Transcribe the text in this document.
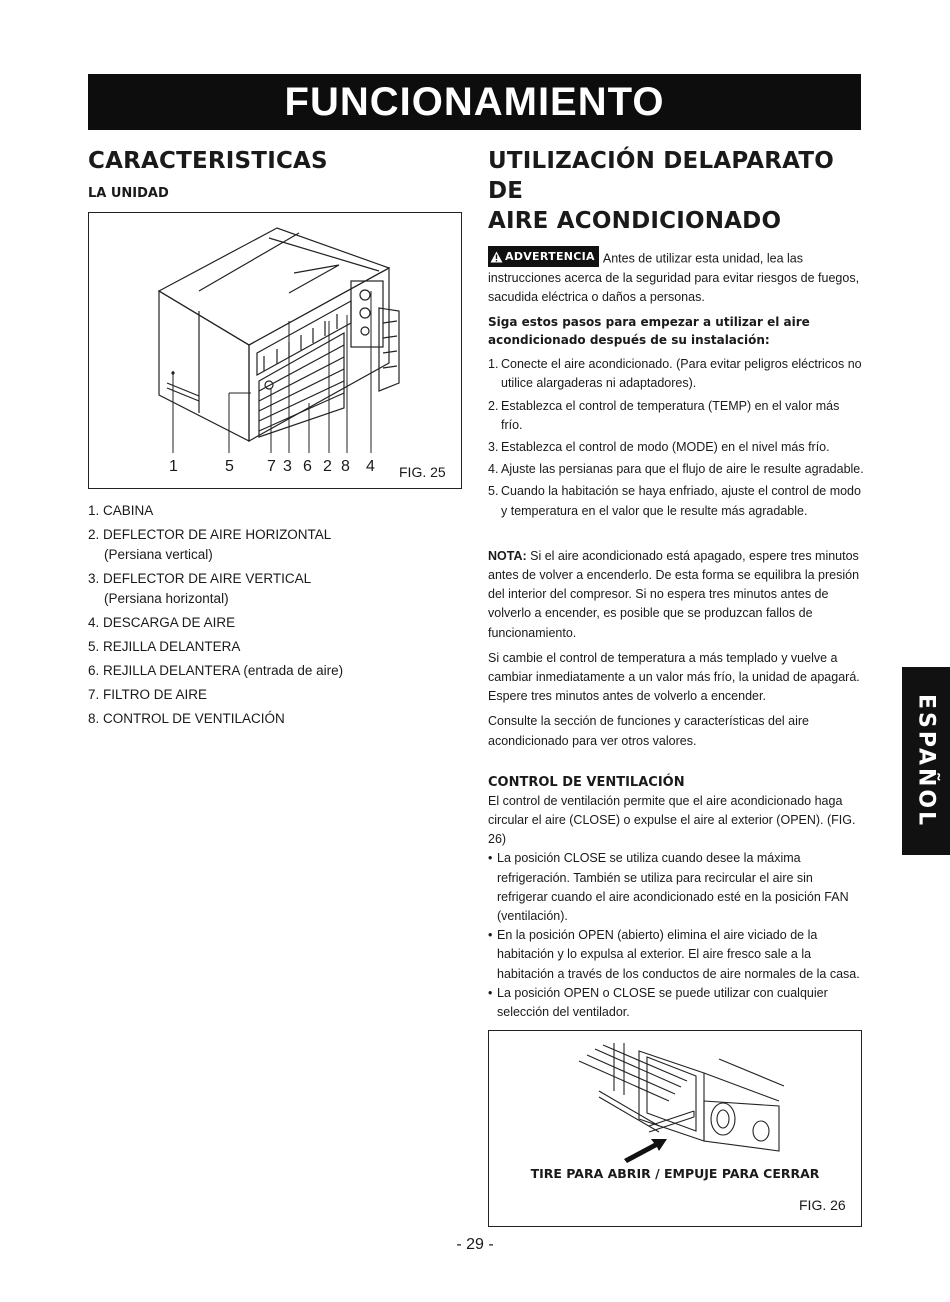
FUNCIONAMIENTO
CARACTERISTICAS
LA UNIDAD
1	5 7 3 6 2 8 4 FIG. 25
1. CABINA
2. DEFLECTOR DE AIRE HORIZONTAL
(Persiana vertical)
3. DEFLECTOR DE AIRE VERTICAL
(Persiana horizontal)
4. DESCARGA DE AIRE
5. REJILLA DELANTERA
6. REJILLA DELANTERA (entrada de aire)
7. FILTRO DE AIRE
8. CONTROL DE VENTILACIÓN
UTILIZACIÓN DELAPARATO DE
AIRE ACONDICIONADO

ADVERTENCIA Antes de utilizar esta unidad, lea las instrucciones acerca de la seguridad para evitar riesgos de fuegos, sacudida eléctrica o daños a personas.

Siga estos pasos para empezar a utilizar el aire acondicionado después de su instalación:

1. Conecte el aire acondicionado. (Para evitar peligros eléctricos no utilice alargaderas ni adaptadores).
2. Establezca el control de temperatura (TEMP) en el valor más frío.
3. Establezca el control de modo (MODE) en el nivel más frío.
4. Ajuste las persianas para que el flujo de aire le resulte agradable.
5. Cuando la habitación se haya enfriado, ajuste el control de modo y temperatura en el valor que le resulte más agradable.

NOTA: Si el aire acondicionado está apagado, espere tres minutos antes de volver a encenderlo. De esta forma se equilibra la presión del interior del compresor. Si no espera tres minutos antes de volverlo a encender, es posible que se produzcan fallos de funcionamiento.

Si cambie el control de temperatura a más templado y vuelve a cambiar inmediatamente a un valor más frío, la unidad de apagará. Espere tres minutos antes de volverlo a encender.

Consulte la sección de funciones y características del aire acondicionado para ver otros valores.

CONTROL DE VENTILACIÓN

El control de ventilación permite que el aire acondicionado haga circular el aire (CLOSE) o expulse el aire al exterior (OPEN). (FIG. 26)

• La posición CLOSE se utiliza cuando desee la máxima refrigeración. También se utiliza para recircular el aire sin refrigerar cuando el aire acondicionado esté en la posición FAN (ventilación).
• En la posición OPEN (abierto) elimina el aire viciado de la habitación y lo expulsa al exterior. El aire fresco sale a la habitación a través de los conductos de aire normales de la casa.
• La posición OPEN o CLOSE se puede utilizar con cualquier selección del ventilador.
TIRE PARA ABRIR / EMPUJE PARA CERRAR
FIG. 26
- 29 -
ESPAÑOL
